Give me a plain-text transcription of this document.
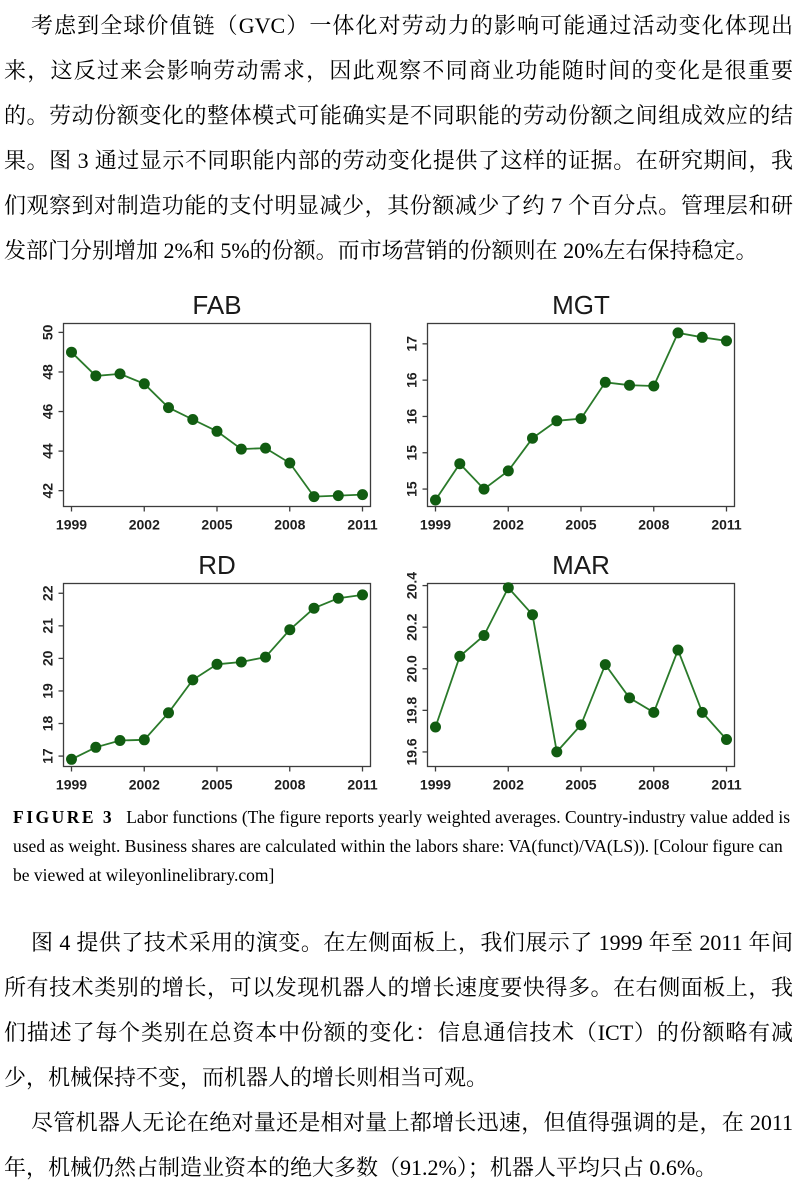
考虑到全球价值链（GVC）一体化对劳动力的影响可能通过活动变化体现出来，这反过来会影响劳动需求，因此观察不同商业功能随时间的变化是很重要的。劳动份额变化的整体模式可能确实是不同职能的劳动份额之间组成效应的结果。图 3 通过显示不同职能内部的劳动变化提供了这样的证据。在研究期间，我们观察到对制造功能的支付明显减少，其份额减少了约 7 个百分点。管理层和研发部门分别增加 2%和 5%的份额。而市场营销的份额则在 20%左右保持稳定。

FAB
42
44
46
48
50
1999	2002	2005	2008	2011
MGT
15
15
16
16
17
1999	2002	2005	2008	2011
RD
17
18
19
20
21
22
1999	2002	2005	2008	2011
MAR
19.6
19.8
20.0
20.2
20.4
1999	2002	2005	2008	2011

FIGURE 3 Labor functions (The figure reports yearly weighted averages. Country-industry value added is used as weight. Business shares are calculated within the labors share: VA(funct)/VA(LS)). [Colour figure can be viewed at wileyonlinelibrary.com]

图 4 提供了技术采用的演变。在左侧面板上，我们展示了 1999 年至 2011 年间所有技术类别的增长，可以发现机器人的增长速度要快得多。在右侧面板上，我们描述了每个类别在总资本中份额的变化：信息通信技术（ICT）的份额略有减少，机械保持不变，而机器人的增长则相当可观。

尽管机器人无论在绝对量还是相对量上都增长迅速，但值得强调的是，在 2011 年，机械仍然占制造业资本的绝大多数（91.2%）；机器人平均只占 0.6%。
